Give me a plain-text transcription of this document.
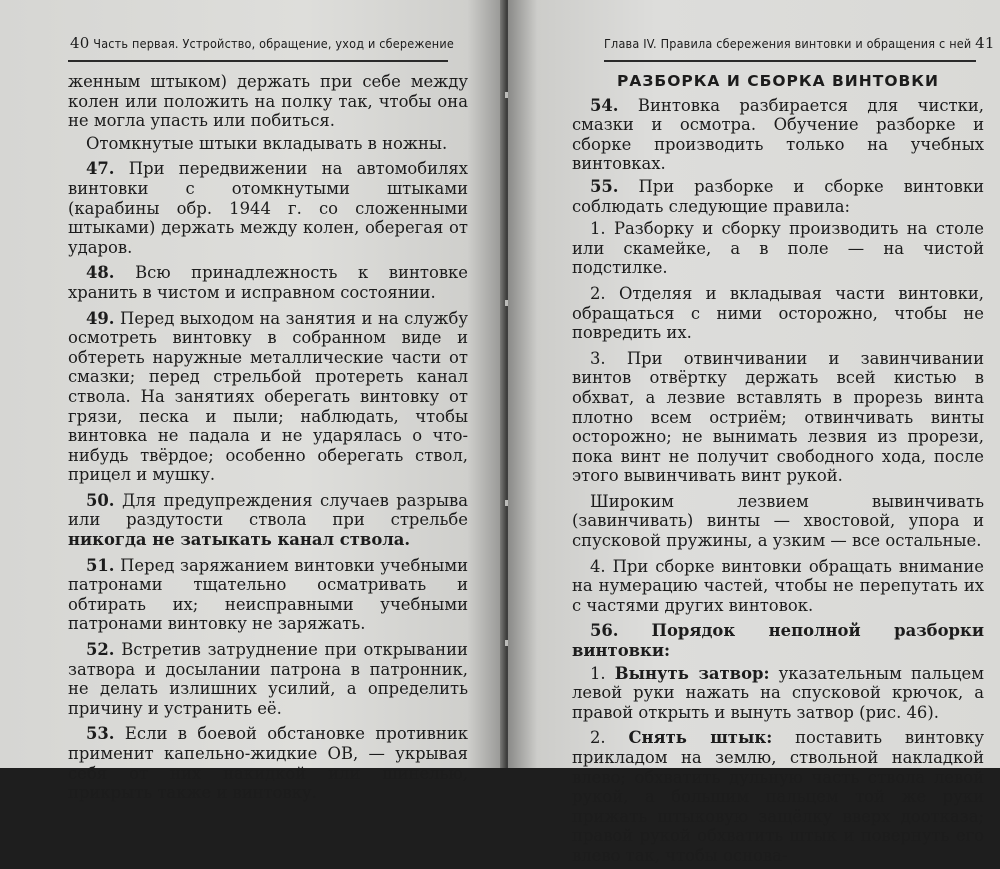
40 Часть первая. Устройство, обращение, уход и сбережение

женным штыком) держать при себе между колен или положить на полку так, чтобы она не могла упасть или побиться.

Отомкнутые штыки вкладывать в ножны.

47. При передвижении на автомобилях винтовки с отомкнутыми штыками (карабины обр. 1944 г. со сложенными штыками) держать между колен, оберегая от ударов.

48. Всю принадлежность к винтовке хранить в чистом и исправном состоянии.

49. Перед выходом на занятия и на службу осмотреть винтовку в собранном виде и обтереть наружные металлические части от смазки; перед стрельбой протереть канал ствола. На занятиях оберегать винтовку от грязи, песка и пыли; наблюдать, чтобы винтовка не падала и не ударялась о что-нибудь твёрдое; особенно оберегать ствол, прицел и мушку.

50. Для предупреждения случаев разрыва или раздутости ствола при стрельбе никогда не затыкать канал ствола.

51. Перед заряжанием винтовки учебными патронами тщательно осматривать и обтирать их; неисправными учебными патронами винтовку не заряжать.

52. Встретив затруднение при открывании затвора и досылании патрона в патронник, не делать излишних усилий, а определить причину и устранить её.

53. Если в боевой обстановке противник применит капельно-жидкие ОВ, — укрывая себя от них накидкой или шинелью, прикрыть также и винтовку.

Глава IV. Правила сбережения винтовки и обращения с ней 41
РАЗБОРКА И СБОРКА ВИНТОВКИ

54. Винтовка разбирается для чистки, смазки и осмотра. Обучение разборке и сборке производить только на учебных винтовках.

55. При разборке и сборке винтовки соблюдать следующие правила:

1. Разборку и сборку производить на столе или скамейке, а в поле — на чистой подстилке.

2. Отделяя и вкладывая части винтовки, обращаться с ними осторожно, чтобы не повредить их.

3. При отвинчивании и завинчивании винтов отвёртку держать всей кистью в обхват, а лезвие вставлять в прорезь винта плотно всем остриём; отвинчивать винты осторожно; не вынимать лезвия из прорези, пока винт не получит свободного хода, после этого вывинчивать винт рукой.

Широким лезвием вывинчивать (завинчивать) винты — хвостовой, упора и спусковой пружины, а узким — все остальные.

4. При сборке винтовки обращать внимание на нумерацию частей, чтобы не перепутать их с частями других винтовок.

56. Порядок неполной разборки винтовки:

1. Вынуть затвор: указательным пальцем левой руки нажать на спусковой крючок, а правой открыть и вынуть затвор (рис. 46).

2. Снять штык: поставить винтовку прикладом на землю, ствольной накладкой влево; обхватить дульную часть ствола левой рукой, а большим пальцем той же руки прижать штыковую защёлку вверх доотказа; правой рукой обхватить штык и повернуть его влево так, чтобы основа-
